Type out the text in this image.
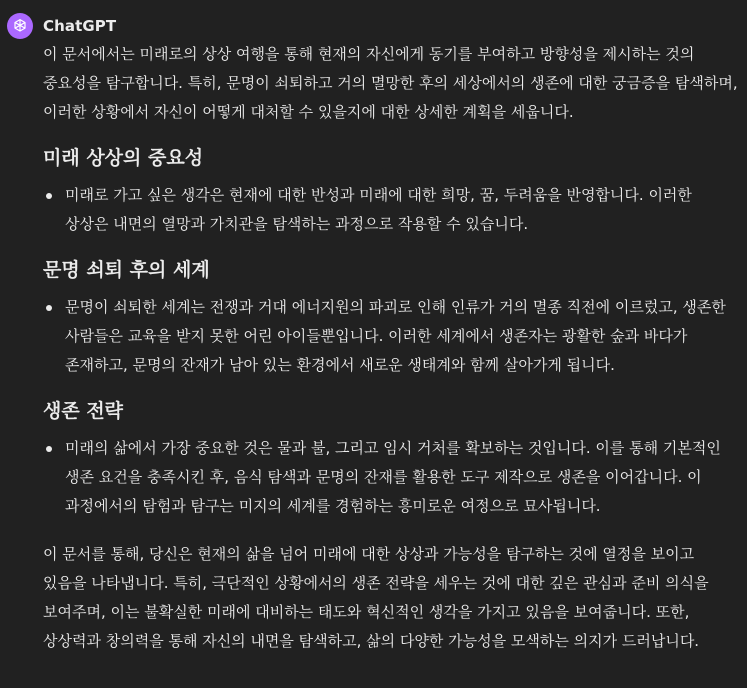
ChatGPT

이 문서에서는 미래로의 상상 여행을 통해 현재의 자신에게 동기를 부여하고 방향성을 제시하는 것의 중요성을 탐구합니다. 특히, 문명이 쇠퇴하고 거의 멸망한 후의 세상에서의 생존에 대한 궁금증을 탐색하며, 이러한 상황에서 자신이 어떻게 대처할 수 있을지에 대한 상세한 계획을 세웁니다.

미래 상상의 중요성
미래로 가고 싶은 생각은 현재에 대한 반성과 미래에 대한 희망, 꿈, 두려움을 반영합니다. 이러한 상상은 내면의 열망과 가치관을 탐색하는 과정으로 작용할 수 있습니다.
문명 쇠퇴 후의 세계
문명이 쇠퇴한 세계는 전쟁과 거대 에너지원의 파괴로 인해 인류가 거의 멸종 직전에 이르렀고, 생존한 사람들은 교육을 받지 못한 어린 아이들뿐입니다. 이러한 세계에서 생존자는 광활한 숲과 바다가 존재하고, 문명의 잔재가 남아 있는 환경에서 새로운 생태계와 함께 살아가게 됩니다.
생존 전략
미래의 삶에서 가장 중요한 것은 물과 불, 그리고 임시 거처를 확보하는 것입니다. 이를 통해 기본적인 생존 요건을 충족시킨 후, 음식 탐색과 문명의 잔재를 활용한 도구 제작으로 생존을 이어갑니다. 이 과정에서의 탐험과 탐구는 미지의 세계를 경험하는 흥미로운 여정으로 묘사됩니다.

이 문서를 통해, 당신은 현재의 삶을 넘어 미래에 대한 상상과 가능성을 탐구하는 것에 열정을 보이고 있음을 나타냅니다. 특히, 극단적인 상황에서의 생존 전략을 세우는 것에 대한 깊은 관심과 준비 의식을 보여주며, 이는 불확실한 미래에 대비하는 태도와 혁신적인 생각을 가지고 있음을 보여줍니다. 또한, 상상력과 창의력을 통해 자신의 내면을 탐색하고, 삶의 다양한 가능성을 모색하는 의지가 드러납니다.
